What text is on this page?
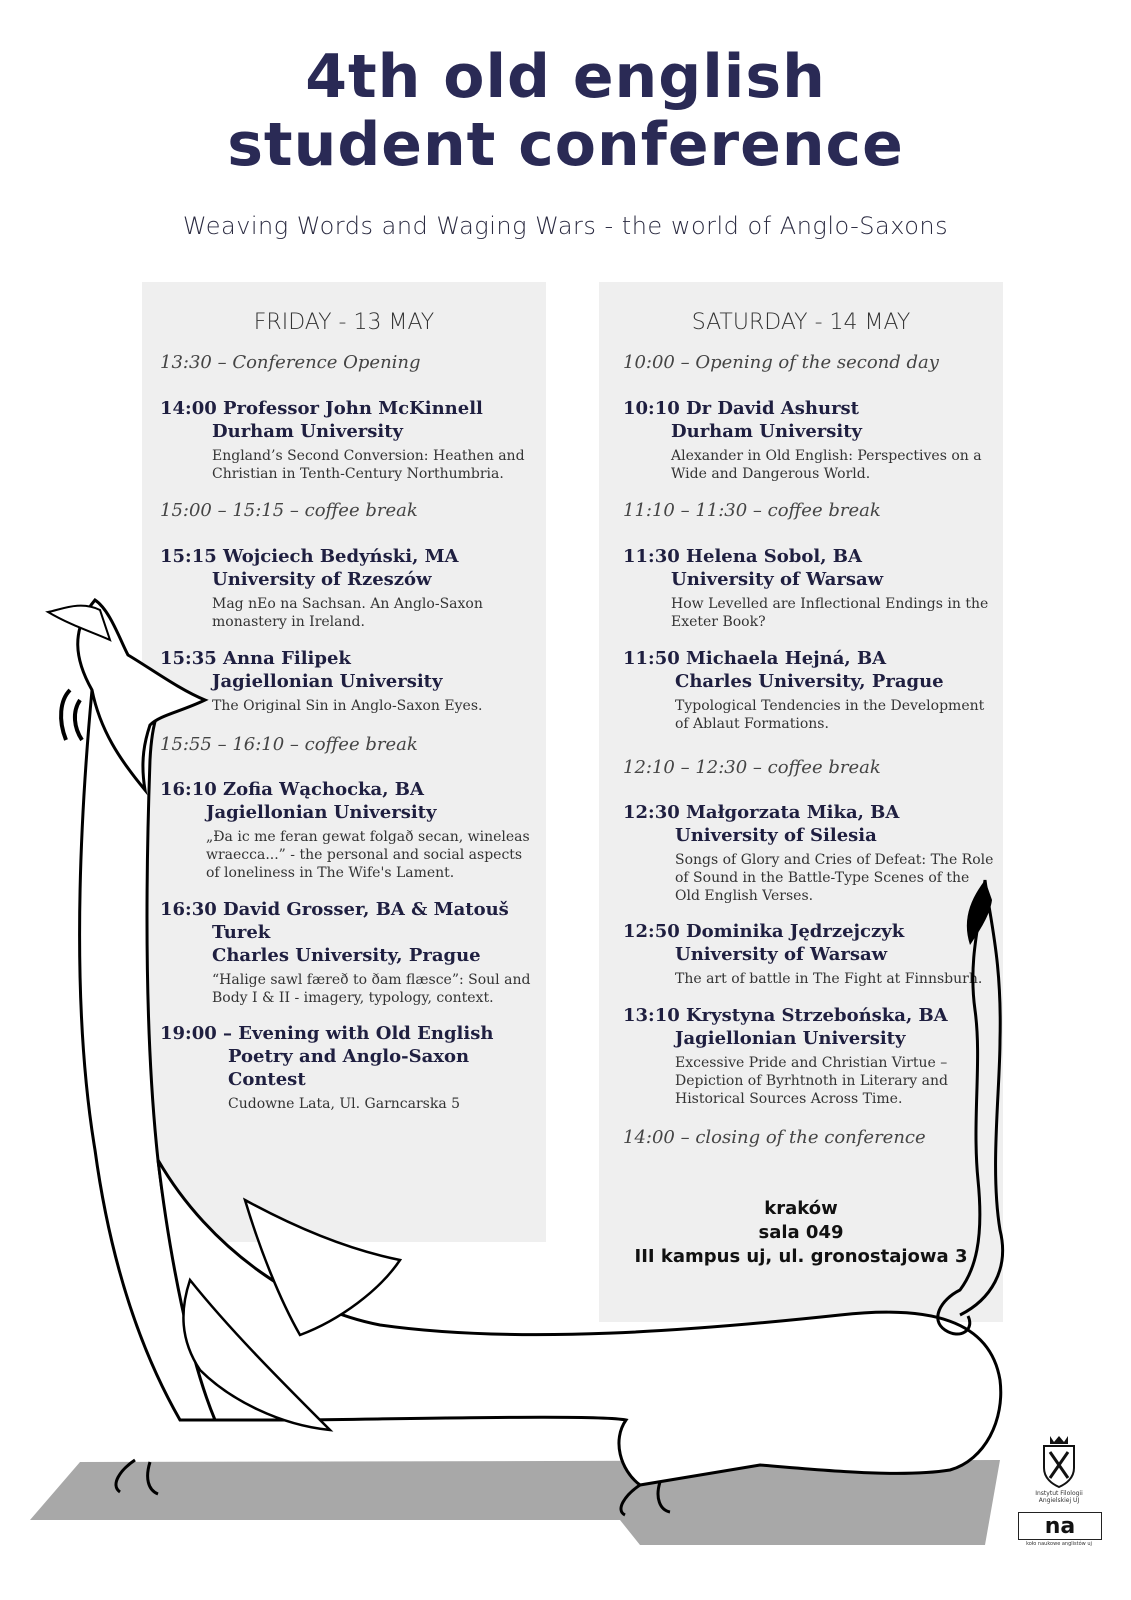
4th old english
student conference
Weaving Words and Waging Wars - the world of Anglo-Saxons
FRIDAY - 13 MAY
13:30 – Conference Opening
14:00 Professor John McKinnell
Durham University
England’s Second Conversion: Heathen and Christian in Tenth-Century Northumbria.
15:00 – 15:15 – coffee break
15:15 Wojciech Bedyński, MA
University of Rzeszów
Mag nEo na Sachsan. An Anglo-Saxon monastery in Ireland.
15:35 Anna Filipek
Jagiellonian University
The Original Sin in Anglo-Saxon Eyes.
15:55 – 16:10 – coffee break
16:10 Zofia Wąchocka, BA
Jagiellonian University
„Ða ic me feran gewat folgað secan, wineleas wraecca...” - the personal and social aspects of loneliness in The Wife's Lament.
16:30 David Grosser, BA & Matouš
Turek
Charles University, Prague
“Halige sawl færeð to ðam flæsce”: Soul and Body I & II - imagery, typology, context.
19:00 – Evening with Old English
Poetry and Anglo-Saxon
Contest
Cudowne Lata, Ul. Garncarska 5
SATURDAY - 14 MAY
10:00 – Opening of the second day
10:10 Dr David Ashurst
Durham University
Alexander in Old English: Perspectives on a Wide and Dangerous World.
11:10 – 11:30 – coffee break
11:30 Helena Sobol, BA
University of Warsaw
How Levelled are Inflectional Endings in the Exeter Book?
11:50 Michaela Hejná, BA
Charles University, Prague
Typological Tendencies in the Development of Ablaut Formations.
12:10 – 12:30 – coffee break
12:30 Małgorzata Mika, BA
University of Silesia
Songs of Glory and Cries of Defeat: The Role of Sound in the Battle-Type Scenes of the Old English Verses.
12:50 Dominika Jędrzejczyk
University of Warsaw
The art of battle in The Fight at Finnsburh.
13:10 Krystyna Strzebońska, BA
Jagiellonian University
Excessive Pride and Christian Virtue – Depiction of Byrhtnoth in Literary and Historical Sources Across Time.
14:00 – closing of the conference
kraków
sala 049
III kampus uj, ul. gronostajowa 3
Instytut Filologii Angielskiej UJ
na
koło naukowe anglistów uj
